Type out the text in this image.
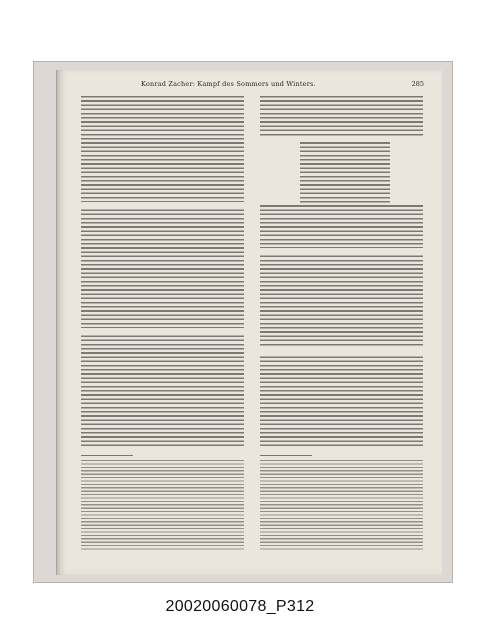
Konrad Zacher: Kampf des Sommers und Winters.	285
20020060078_P312
